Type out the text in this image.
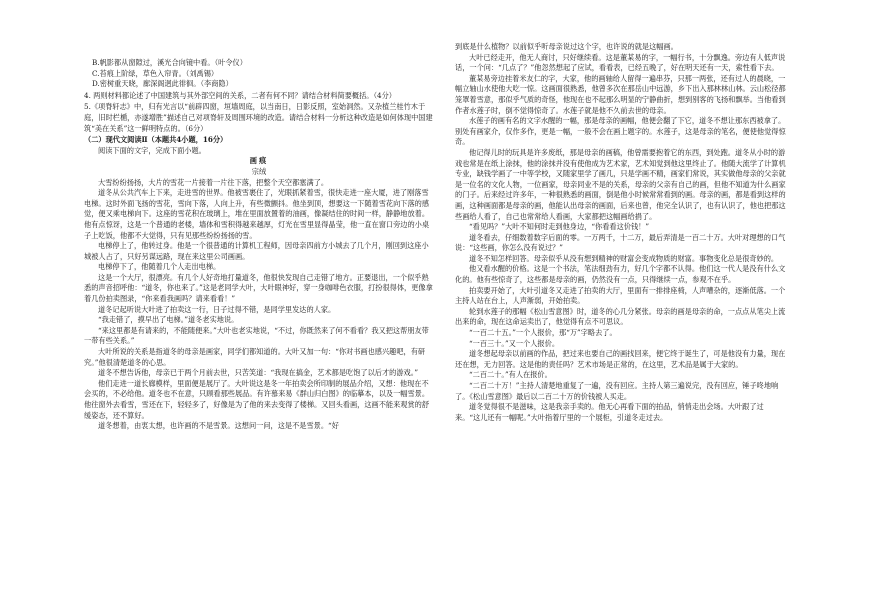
B.帆影都从窗隙过，溪光合向镜中看。（叶令仪）

C.苔痕上阶绿，草色入帘青。（刘禹锡）

D.密树重天晓，廊深阁迥此徘徊。（李商隐）

4. 两则材料都论述了中国建筑与其外部空间的关系，二者有何不同？请结合材料简要概括。（4分）

5.《项脊轩志》中，归有光言以“前辟四窗，垣墙周庭，以当南日，日影反照，室始洞然。又杂植兰桂竹木于庭，旧时栏楯，亦遂增胜”描述自己对项脊轩及周围环境的改造。请结合材料一分析这种改造是如何体现中国建筑“美在关系”这一鲜明特点的。（6分）

（二）现代文阅读Ⅱ（本题共4小题，16分）

阅读下面的文字，完成下面小题。

画痕

宗绒

大雪纷纷扬扬，大片的雪花一片接着一片往下落，把整个天空都塞满了。

道冬从公共汽车上下来，走进雪的世界。他被雪裹住了，光眼抓紧着雪，很快走进一座大厦，进了刚落雪电梯。这时外面飞扬的雪花，雪向下落，人向上升，有些微颤抖。他坐到顶，想要这一下随着雪花向下落的感觉，便又乘电梯向下。这座的雪花积在玻璃上，堆在里面放置着的油画，像凝结住的时间一样，静静地放着。他有点惊讶，这是一个普通的老楼，墙体和雪积得越来越厚，灯光在雪里显得晶莹，他一直在窗口旁边的小桌子上吃饭，他都不大觉得，只有见那些纷纷扬扬的雪。

电梯停上了，他转过身。他是一个很普通的计算机工程师，因母亲四前方小城去了几个月，刚回到这座小城被人占了，只好另谋远路，现在来这里公司画画。

电梯停下了，他随着几个人走出电梯。

这是一个大厅，很漂亮。有几个人好奇地打量道冬，他很快发现自己走错了地方。正要退出，一个似乎熟悉的声音招呼他：“道冬，你也来了。”这是老同学大叶，大叶眼神好，穿一身咖啡色衣服，打扮很得体，更像拿着几份拍卖图录，“你来看我画吗？请来看看！”

道冬记起听说大叶进了拍卖这一行，日子过得不错，是同学里发达的人家。

“我走错了，摸早出了电梯。”道冬老实地说。

“来这里都是有请来的，不能随便来。”大叶也老实地说，“不过，你既然来了何不看看？我又把这帮朋友带一带有些关系。”

大叶所说的关系是指道冬的母亲是画家，同学们都知道的。大叶又加一句：“你对书画也感兴趣吧，有研究。”他很清楚道冬的心思。

道冬不想告诉他，母亲已于两个月前去世，只苦笑道：“我现在搞金，艺术都是吃饱了以后才的游戏。”

他们走进一道长廊模样，里面便是展厅了。大叶说这是冬一年拍卖会所印制的展品介绍，又想：他现在不会买的，不必给他。道冬也不在意，只顾看那些展品。有许慕来易《群山归白图》的临摹本，以及一幅雪景。他往窗外去看雪，雪还在下，轻轻多了，好像是为了他的来去变得了楼梯。又回头看画，这画不能来观赏的舒缓姿态，还不算好。

道冬想着，由衷太想，也许画的不是雪景。这想问一问，这是不是雪景。“好

到底是什么植物？以前似乎听母亲说过这个字，也许说的就是这幅画。

大叶已经走开，他无人商讨，只好继续看。这是董某易的字，一幅行书，十分飘逸。旁边有人低声说话，一个问：“几点了？”他忽然想起了应试，看看表，已经五晚了，好在明天还有一天，索性看下去。

董某易旁边挂着米友仁的字，大家，他的画轴给人留得一遍串芬，只那一两张，还有过人的晨晓，一幅立轴山水使他大吃一惊。这画面很熟悉，他曾多次在那岳山中远游，乡下出入那林林山林。云山松径都笼罩着雪意，那似乎气质的奇怪，他现在也不起那么明显的宁静曲折，想到别客的飞扬和飘举。当他看到作者水莲子时，倒不觉得惊奇了。水莲子就是他不久前去世的母亲。

水莲子的画有名的文字水醒的一幅，那是母亲的画幅，他便会翻了下它，道冬不想让那东西被拿了。别处有画家介，仅作多作，更是一幅，一般不会在画上题字的。水莲子，这是母亲的笔名，便使他觉得惊奇。

他记得儿时的玩具是许多废纸，那是母亲的画稿，他曾需要抱着它的东西，到处跑。道冬从小时的游戏也常是在纸上涂抹，他的涂抹并没有使他成为艺术家，艺术知觉到他这里终止了。他随大流学了计算机专业，缺钱学画了一中等学校，又随家里学了画几，只是学画不精，画家们常说，其实做他母亲的父亲就是一位名的文化人物，一位画家，母亲同业不是的关系，母亲的父亲有自己的画，但他不知道为什么画家的门子。后来经过许多年，一种很熟悉的画面，倒是他小时候常常看到的画。母亲的画，都是看到这样的画，这种画面都是母亲的画，他能认出母亲的画面，后来也曾，他完全认识了，也有认识了，他也把那这些画给人看了，自己也常常给人看画，大家都把这幅画给捐了。

“看见吗？”大叶不知何时走到他身边，“你看看这价钱！”

道冬看去，仔细数着数字后面的零。一万两千，十二万，最后弄清是一百二十万。大叶对理想的口气说：“这些画，你怎么没有说过？”

道冬不知怎样回答。母亲似乎从没有想到精神的财富会变成物质的财富。事物变化总是很奇妙的。

他又看水醒的价格。这是一个书法，笔法细劲有力，好几个字都不认得。他们这一代人是没有什么文化的。他有些惊奇了，这些都是母亲的画，仍然没有一点，只得继续一点，参观不在乎。

拍卖要开始了，大叶引道冬又走进了拍卖的大厅，里面有一排排座椅，人声嘈杂的，逐渐低落。一个主持人站在台上，人声渐弱，开始拍卖。

轮到水莲子的那幅《松山雪意图》时，道冬的心几分紧张。母亲的画是母亲的命，一点点从笔尖上流出来的命，现在这命运卖出了，他觉得有点不可思议。

“一百二十五。”一个人报价，那“万”字略去了。

“一百三十。”又一个人报价。

道冬想起母亲以前画的作品，把过来也要自己的画找回来，便它终于诞生了，可是他没有力量，现在还在想，无力回答。这是他的责任吗？艺术市场是正常的，在这里，艺术品是属于大家的。

“二百二十。”有人在报价。

“二百二十万！”主持人清楚地重复了一遍，没有回应。主持人第三遍说完，没有回应，锤子咚地响了。《松山雪意图》最后以二百二十万的价钱被人买走。

道冬觉得很不是滋味，这是我亲手卖的。他无心再看下面的拍品，悄悄走出会场。大叶跟了过来。“这儿还有一幅呢。”大叶指着厅里的一个展柜，引道冬走过去。
